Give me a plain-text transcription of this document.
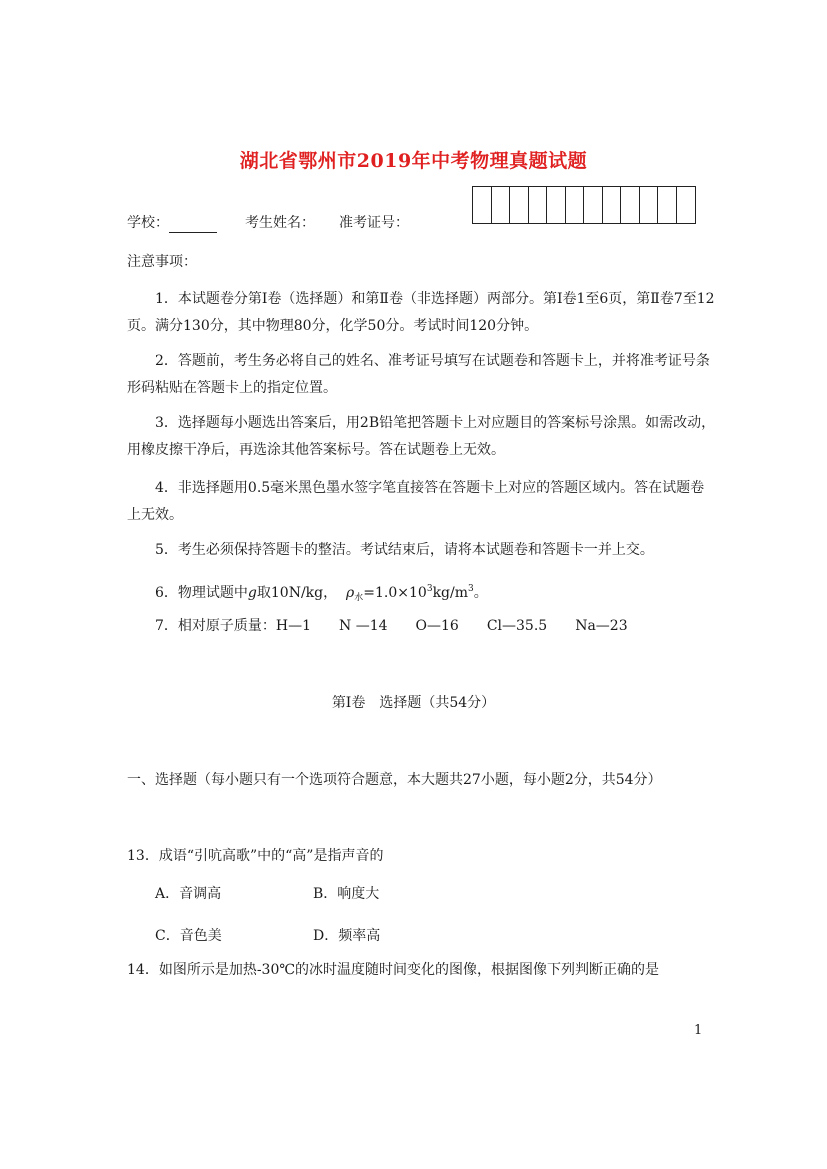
湖北省鄂州市2019年中考物理真题试题
学校：	考生姓名： 准考证号：
注意事项：
1．本试题卷分第Ⅰ卷（选择题）和第Ⅱ卷（非选择题）两部分。第Ⅰ卷1至6页，第Ⅱ卷7至12页。满分130分，其中物理80分，化学50分。考试时间120分钟。
2．答题前，考生务必将自己的姓名、准考证号填写在试题卷和答题卡上，并将准考证号条形码粘贴在答题卡上的指定位置。
3．选择题每小题选出答案后，用2B铅笔把答题卡上对应题目的答案标号涂黑。如需改动，用橡皮擦干净后，再选涂其他答案标号。答在试题卷上无效。
4．非选择题用0.5毫米黑色墨水签字笔直接答在答题卡上对应的答题区域内。答在试题卷上无效。
5．考生必须保持答题卡的整洁。考试结束后，请将本试题卷和答题卡一并上交。
6．物理试题中g取10N/kg， $\rho_水=1.0\times 10^3kg/m^3$。
7．相对原子质量：H—1　　N —14　　O—16　　Cl—35.5　　Na—23
第Ⅰ卷　选择题（共54分）
一、选择题（每小题只有一个选项符合题意，本大题共27小题，每小题2分，共54分）
13．成语“引吭高歌”中的“高”是指声音的
A．音调高	B．响度大
C．音色美	D．频率高
14．如图所示是加热-30℃的冰时温度随时间变化的图像，根据图像下列判断正确的是
1
